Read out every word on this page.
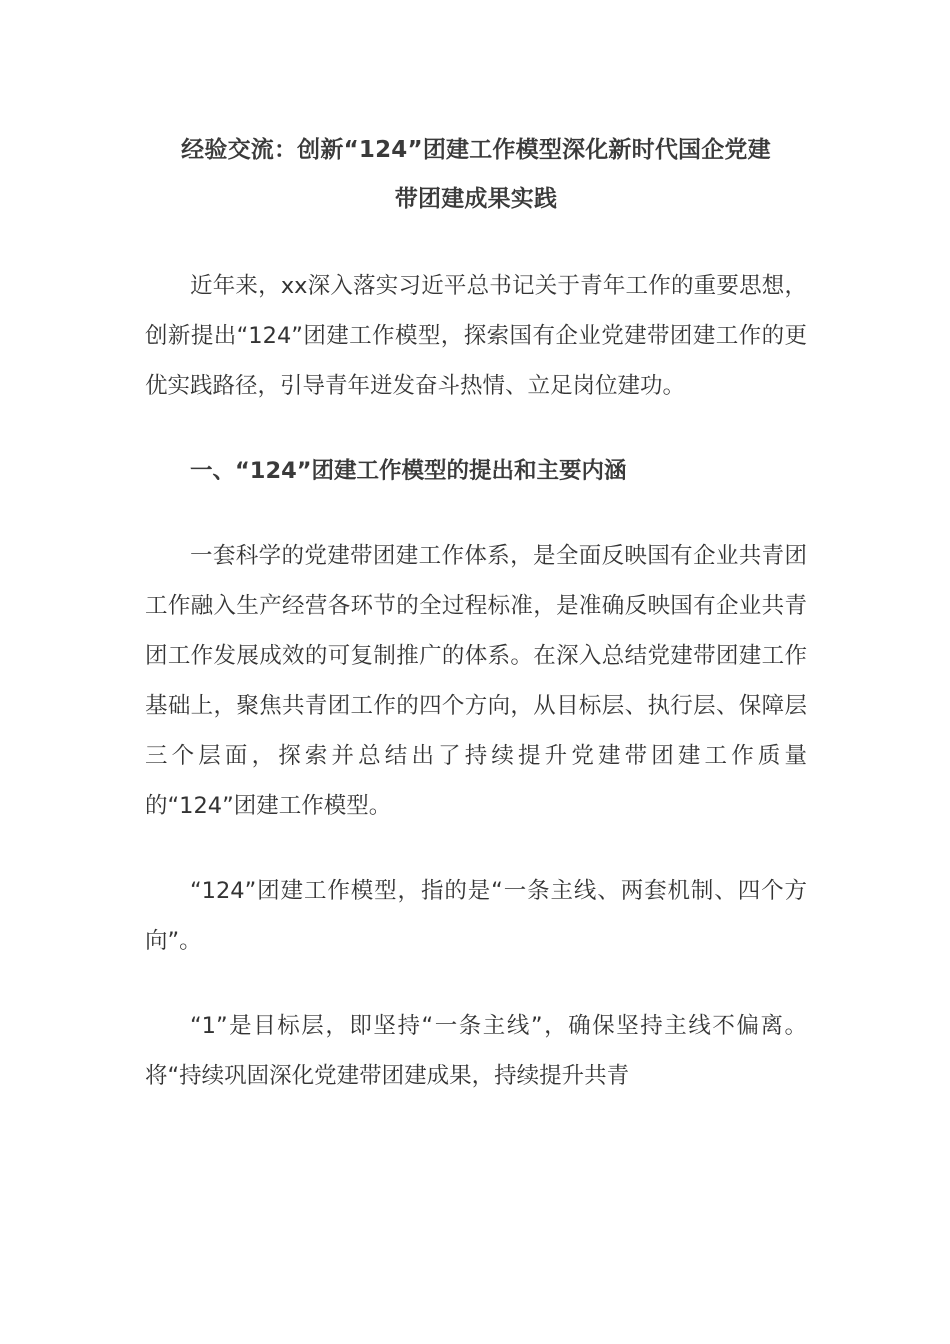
经验交流：创新“124”团建工作模型深化新时代国企党建

带团建成果实践

近年来，xx深入落实习近平总书记关于青年工作的重要思想，创新提出“124”团建工作模型，探索国有企业党建带团建工作的更优实践路径，引导青年迸发奋斗热情、立足岗位建功。

一、“124”团建工作模型的提出和主要内涵

一套科学的党建带团建工作体系，是全面反映国有企业共青团工作融入生产经营各环节的全过程标准，是准确反映国有企业共青团工作发展成效的可复制推广的体系。在深入总结党建带团建工作基础上，聚焦共青团工作的四个方向，从目标层、执行层、保障层三个层面，探索并总结出了持续提升党建带团建工作质量的“124”团建工作模型。

“124”团建工作模型，指的是“一条主线、两套机制、四个方向”。

“1”是目标层，即坚持“一条主线”，确保坚持主线不偏离。将“持续巩固深化党建带团建成果，持续提升共青
